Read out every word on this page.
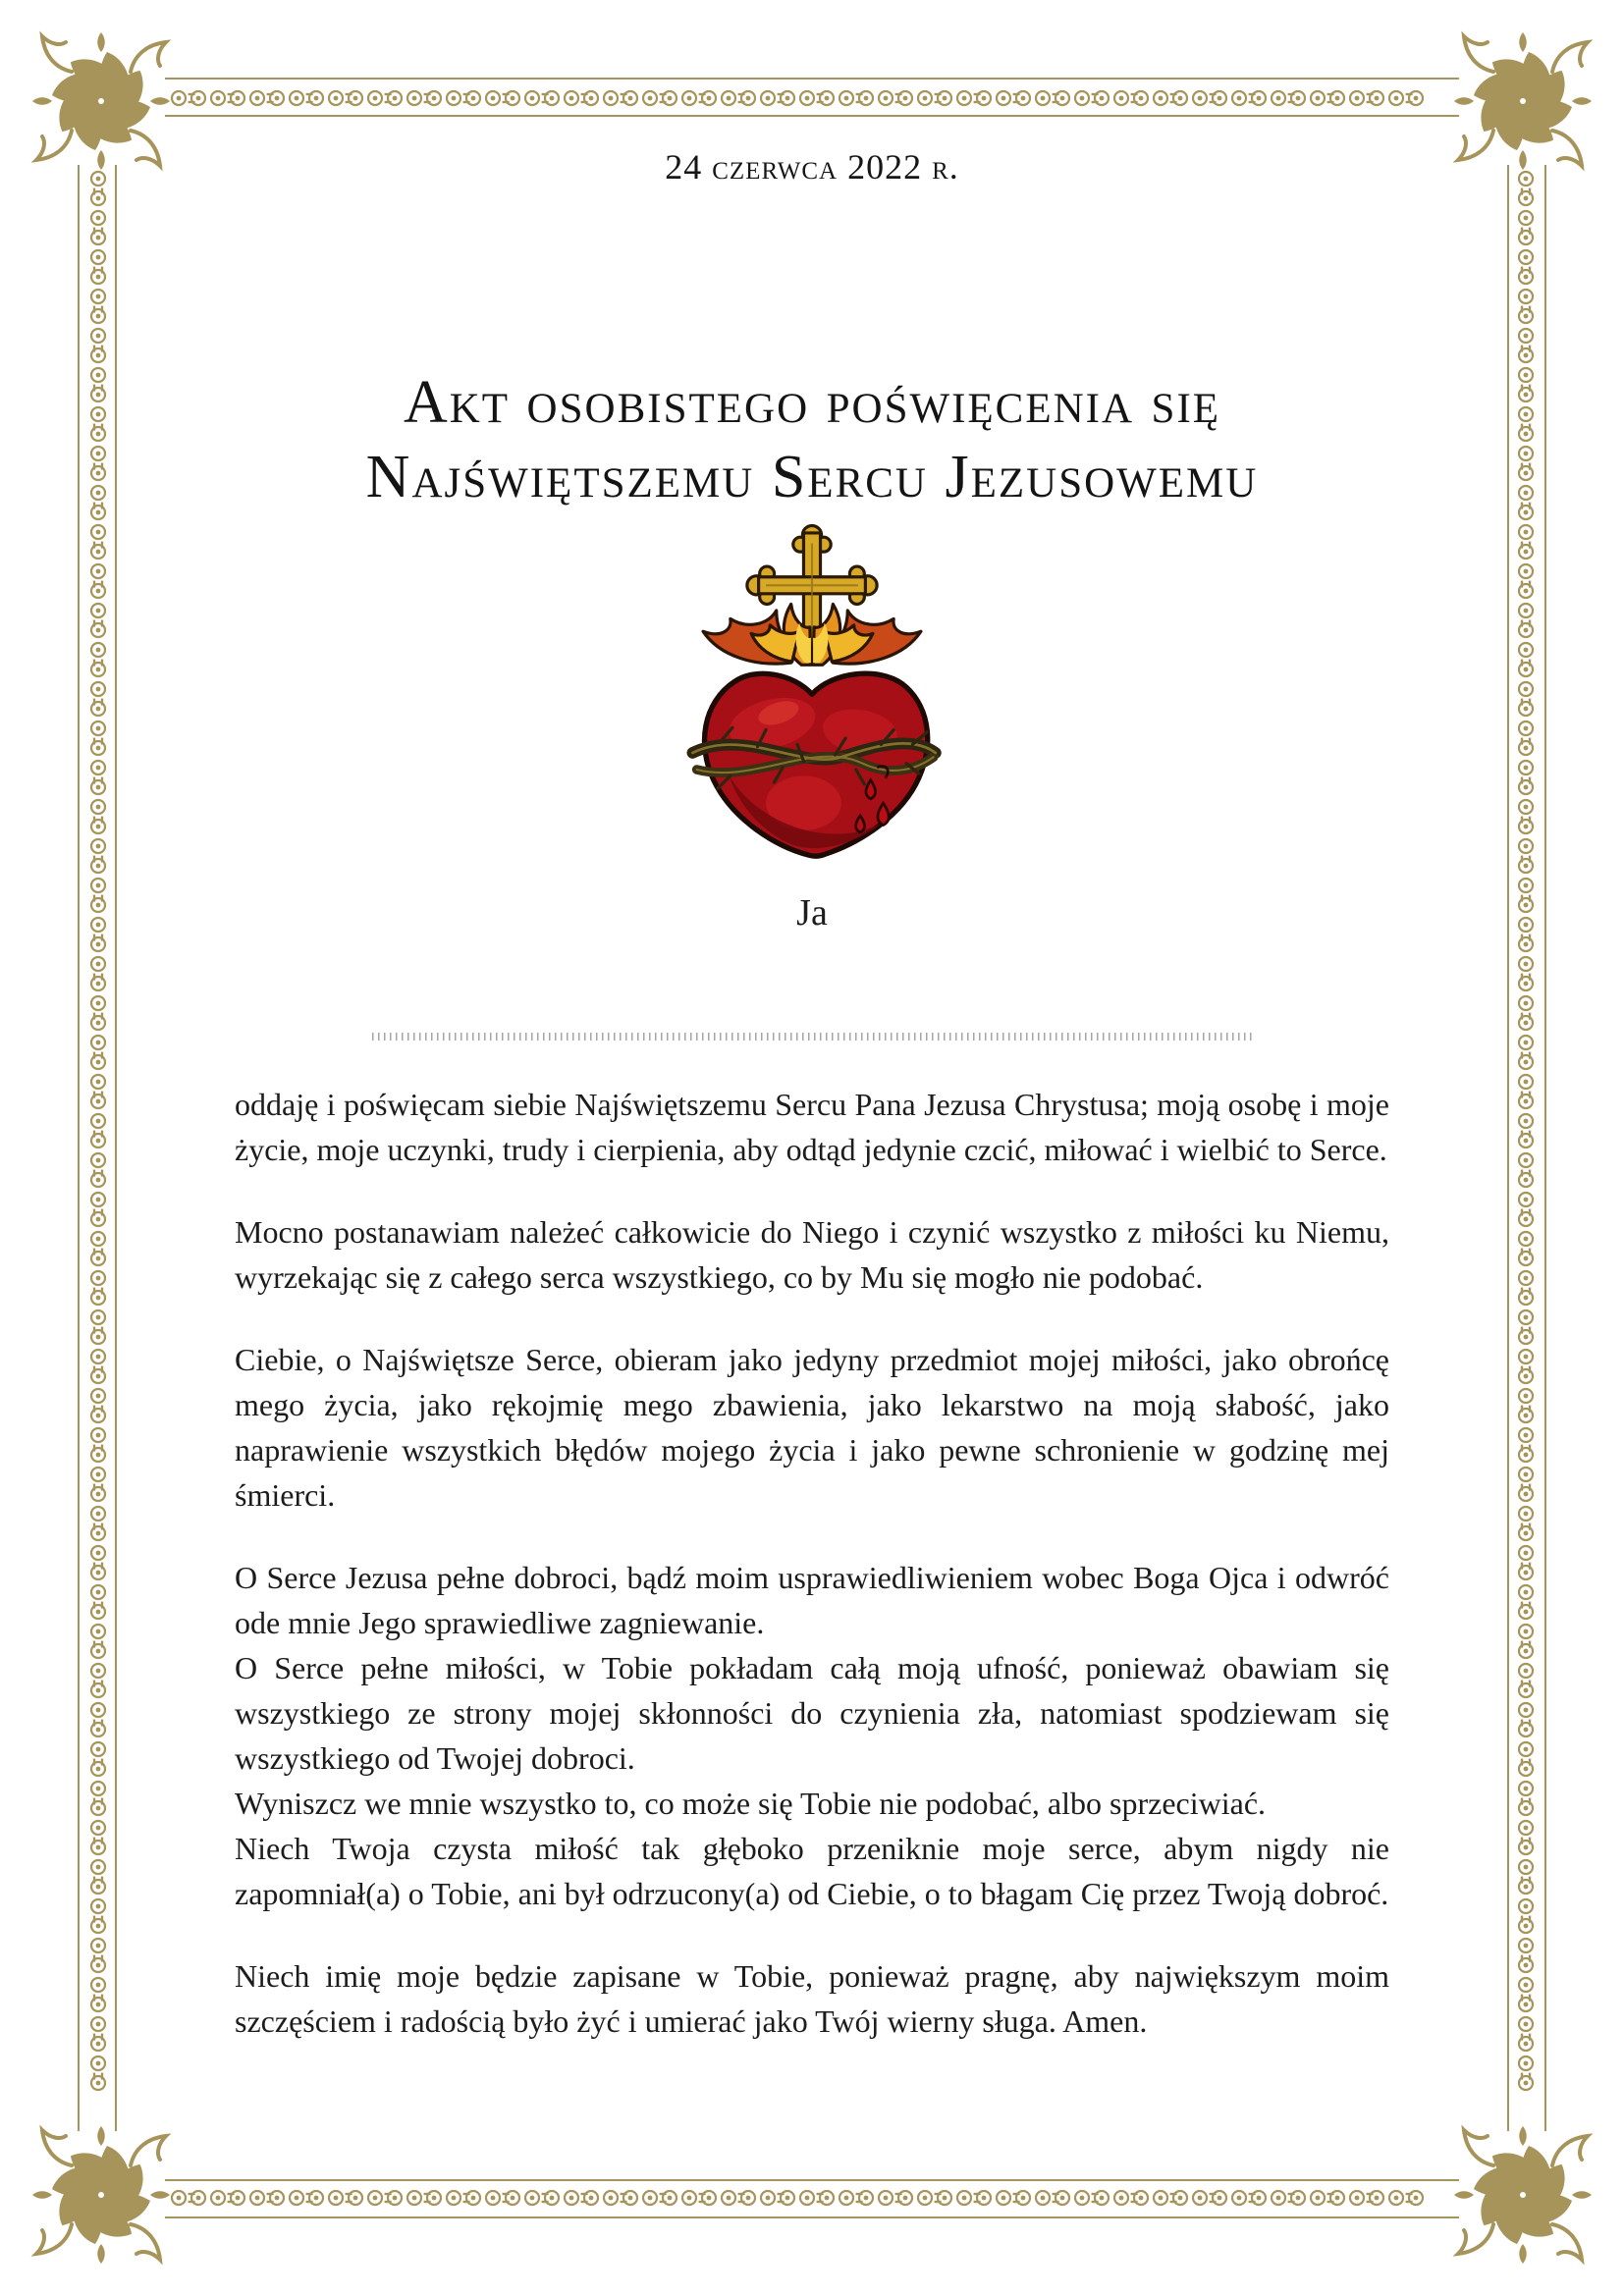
24 czerwca 2022 r.
Akt osobistego poświęcenia się
Najświętszemu Sercu Jezusowemu
Ja

oddaję i poświęcam siebie Najświętszemu Sercu Pana Jezusa Chrystusa; moją osobę i moje życie, moje uczynki, trudy i cierpienia, aby odtąd jedynie czcić, miłować i wielbić to Serce.

Mocno postanawiam należeć całkowicie do Niego i czynić wszystko z miłości ku Niemu, wyrzekając się z całego serca wszystkiego, co by Mu się mogło nie podobać.

Ciebie, o Najświętsze Serce, obieram jako jedyny przedmiot mojej miłości, jako obrońcę mego życia, jako rękojmię mego zbawienia, jako lekarstwo na moją słabość, jako naprawienie wszystkich błędów mojego życia i jako pewne schronienie w godzinę mej śmierci.

O Serce Jezusa pełne dobroci, bądź moim usprawiedliwieniem wobec Boga Ojca i odwróć ode mnie Jego sprawiedliwe zagniewanie.

O Serce pełne miłości, w Tobie pokładam całą moją ufność, ponieważ obawiam się wszystkiego ze strony mojej skłonności do czynienia zła, natomiast spodziewam się wszystkiego od Twojej dobroci.

Wyniszcz we mnie wszystko to, co może się Tobie nie podobać, albo sprzeciwiać.

Niech Twoja czysta miłość tak głęboko przeniknie moje serce, abym nigdy nie zapomniał(a) o Tobie, ani był odrzucony(a) od Ciebie, o to błagam Cię przez Twoją dobroć.

Niech imię moje będzie zapisane w Tobie, ponieważ pragnę, aby największym moim szczęściem i radością było żyć i umierać jako Twój wierny sługa. Amen.
